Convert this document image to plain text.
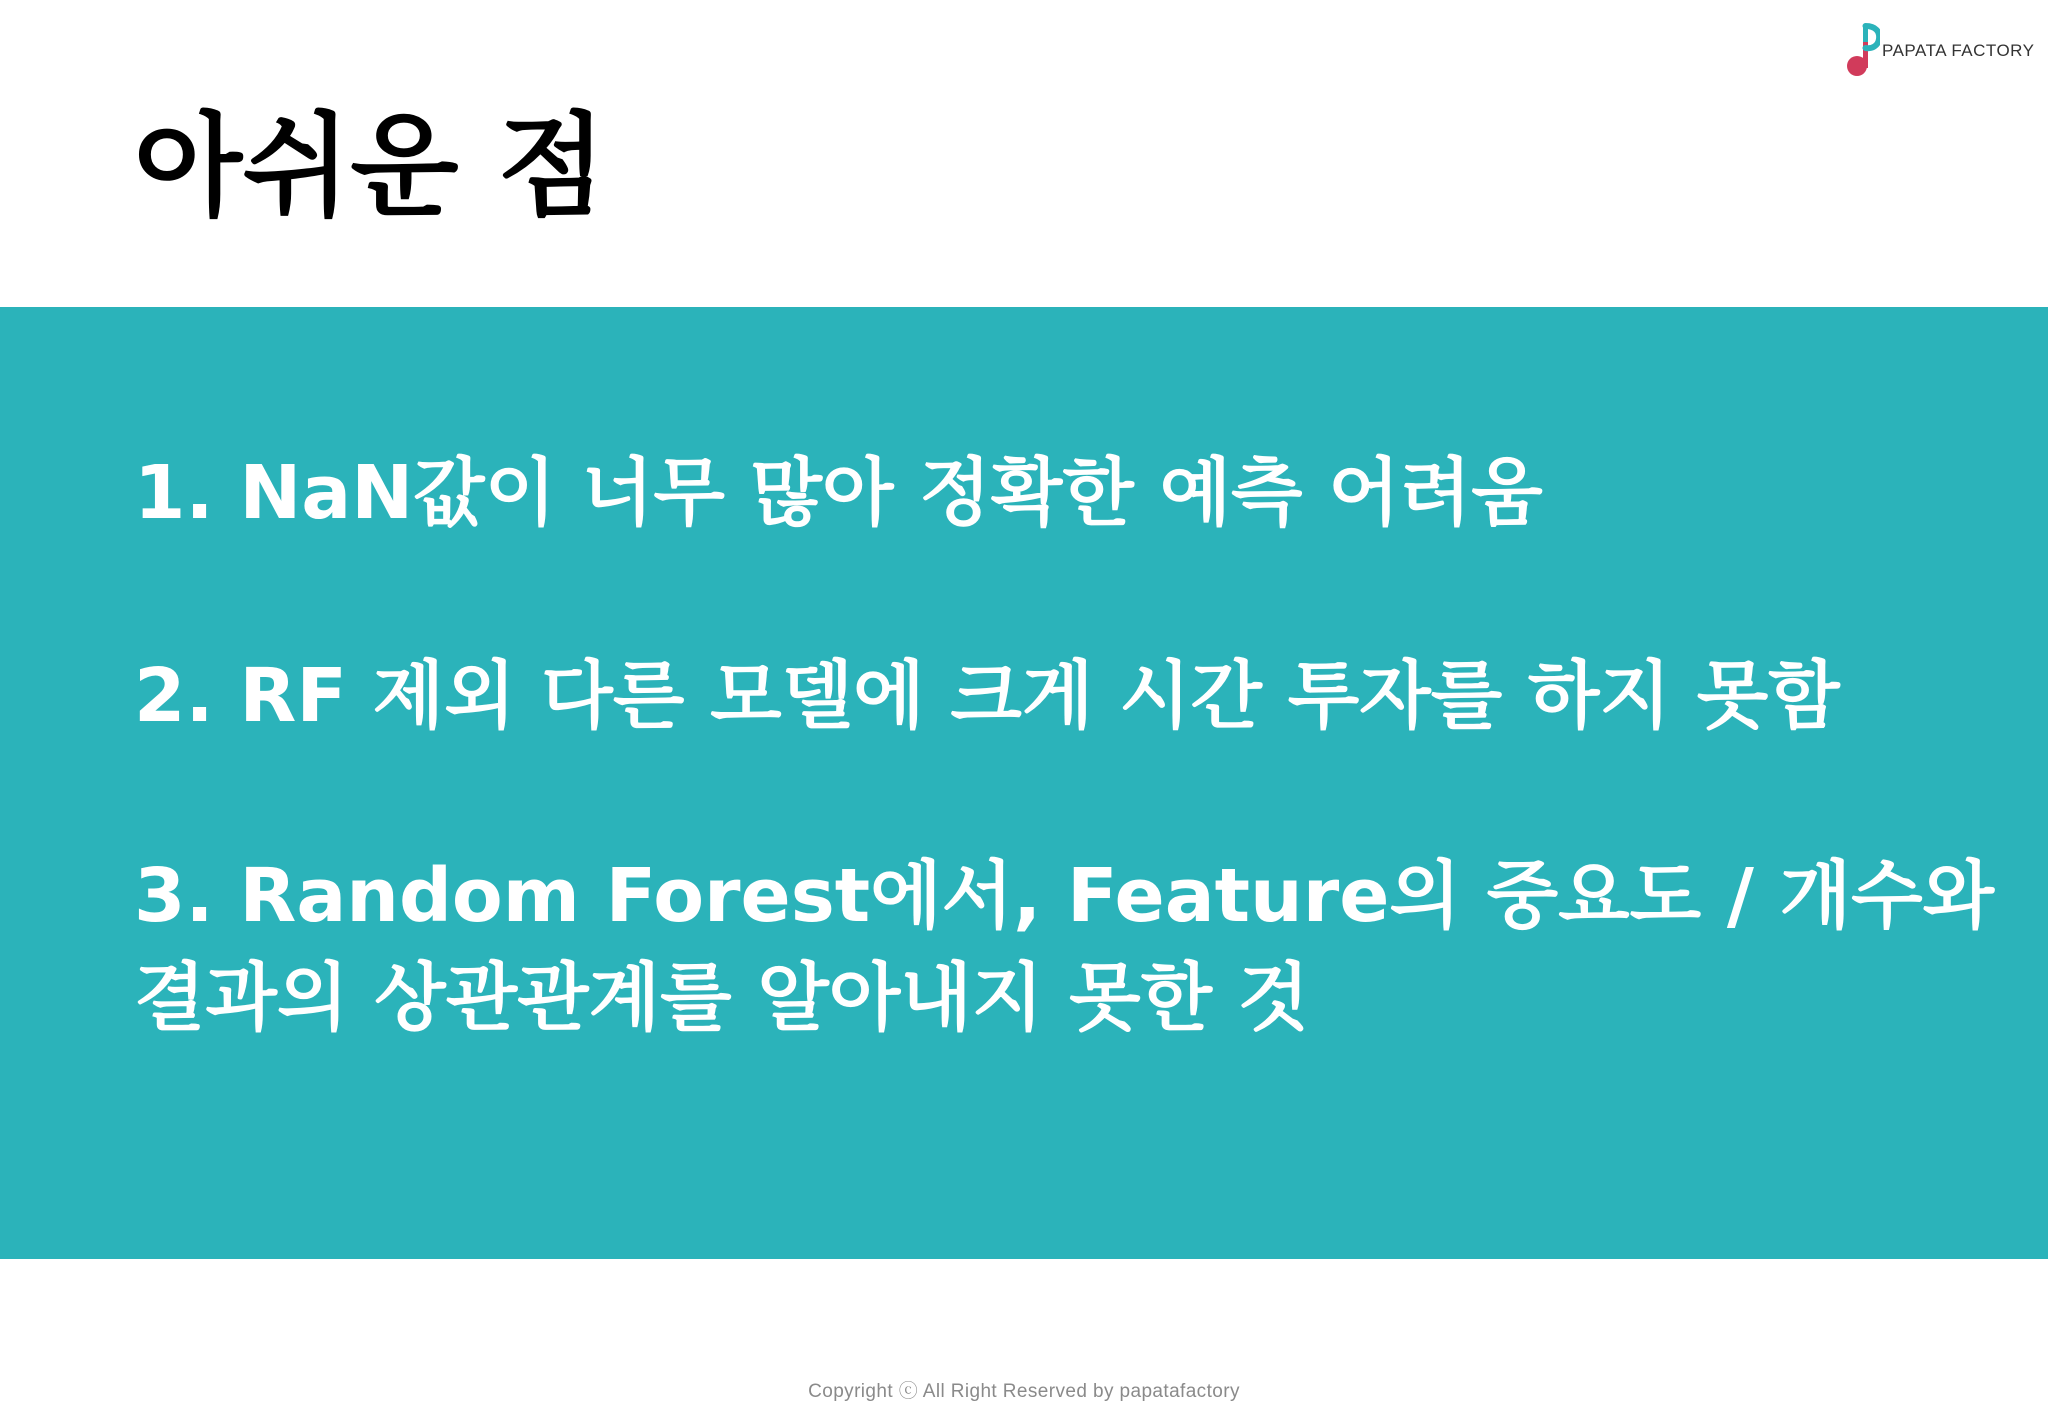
PAPATA FACTORY
아쉬운 점

1. NaN값이 너무 많아 정확한 예측 어려움

2. RF 제외 다른 모델에 크게 시간 투자를 하지 못함

3. Random Forest에서, Feature의 중요도 / 개수와
결과의 상관관계를 알아내지 못한 것

Copyright ⓒ All Right Reserved by papatafactory
